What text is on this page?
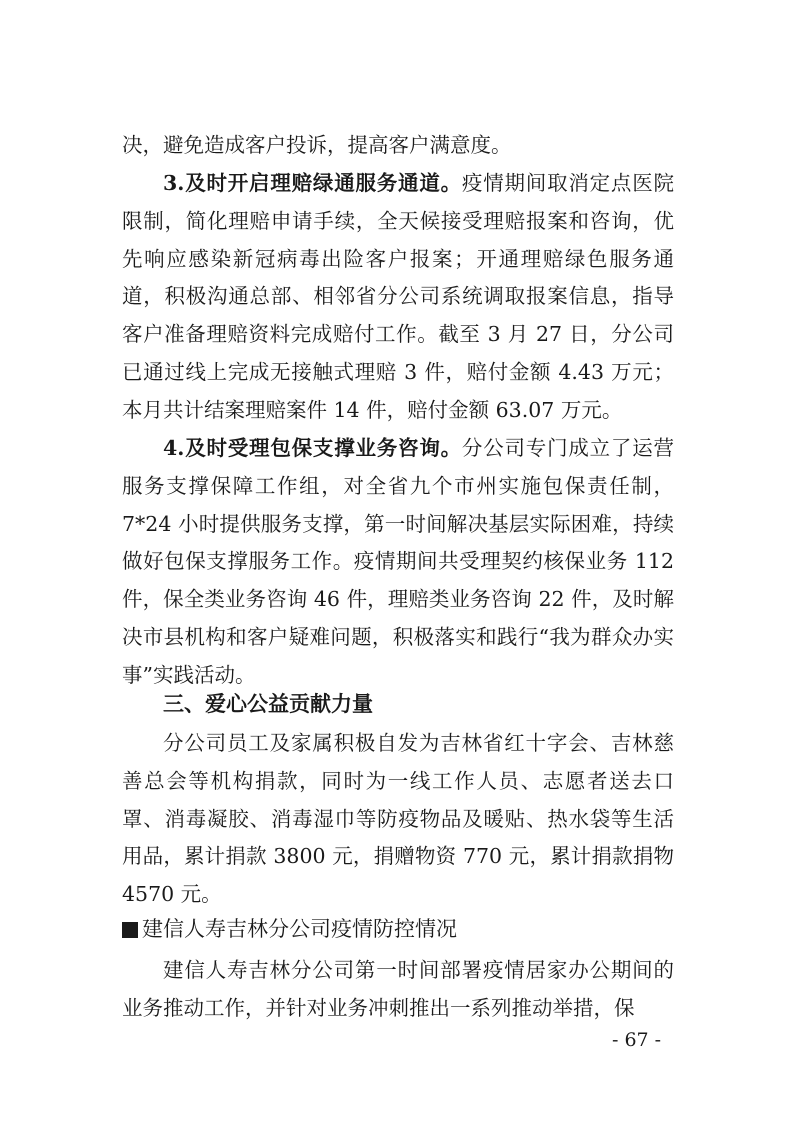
决，避免造成客户投诉，提高客户满意度。

3.及时开启理赔绿通服务通道。疫情期间取消定点医院限制，简化理赔申请手续，全天候接受理赔报案和咨询，优先响应感染新冠病毒出险客户报案；开通理赔绿色服务通道，积极沟通总部、相邻省分公司系统调取报案信息，指导客户准备理赔资料完成赔付工作。截至 3 月 27 日，分公司已通过线上完成无接触式理赔 3 件，赔付金额 4.43 万元；本月共计结案理赔案件 14 件，赔付金额 63.07 万元。

4.及时受理包保支撑业务咨询。分公司专门成立了运营服务支撑保障工作组，对全省九个市州实施包保责任制，7*24 小时提供服务支撑，第一时间解决基层实际困难，持续做好包保支撑服务工作。疫情期间共受理契约核保业务 112 件，保全类业务咨询 46 件，理赔类业务咨询 22 件，及时解决市县机构和客户疑难问题，积极落实和践行“我为群众办实事”实践活动。

三、爱心公益贡献力量

分公司员工及家属积极自发为吉林省红十字会、吉林慈善总会等机构捐款，同时为一线工作人员、志愿者送去口罩、消毒凝胶、消毒湿巾等防疫物品及暖贴、热水袋等生活用品，累计捐款 3800 元，捐赠物资 770 元，累计捐款捐物 4570 元。

建信人寿吉林分公司疫情防控情况

建信人寿吉林分公司第一时间部署疫情居家办公期间的业务推动工作，并针对业务冲刺推出一系列推动举措，保

- 67 -
